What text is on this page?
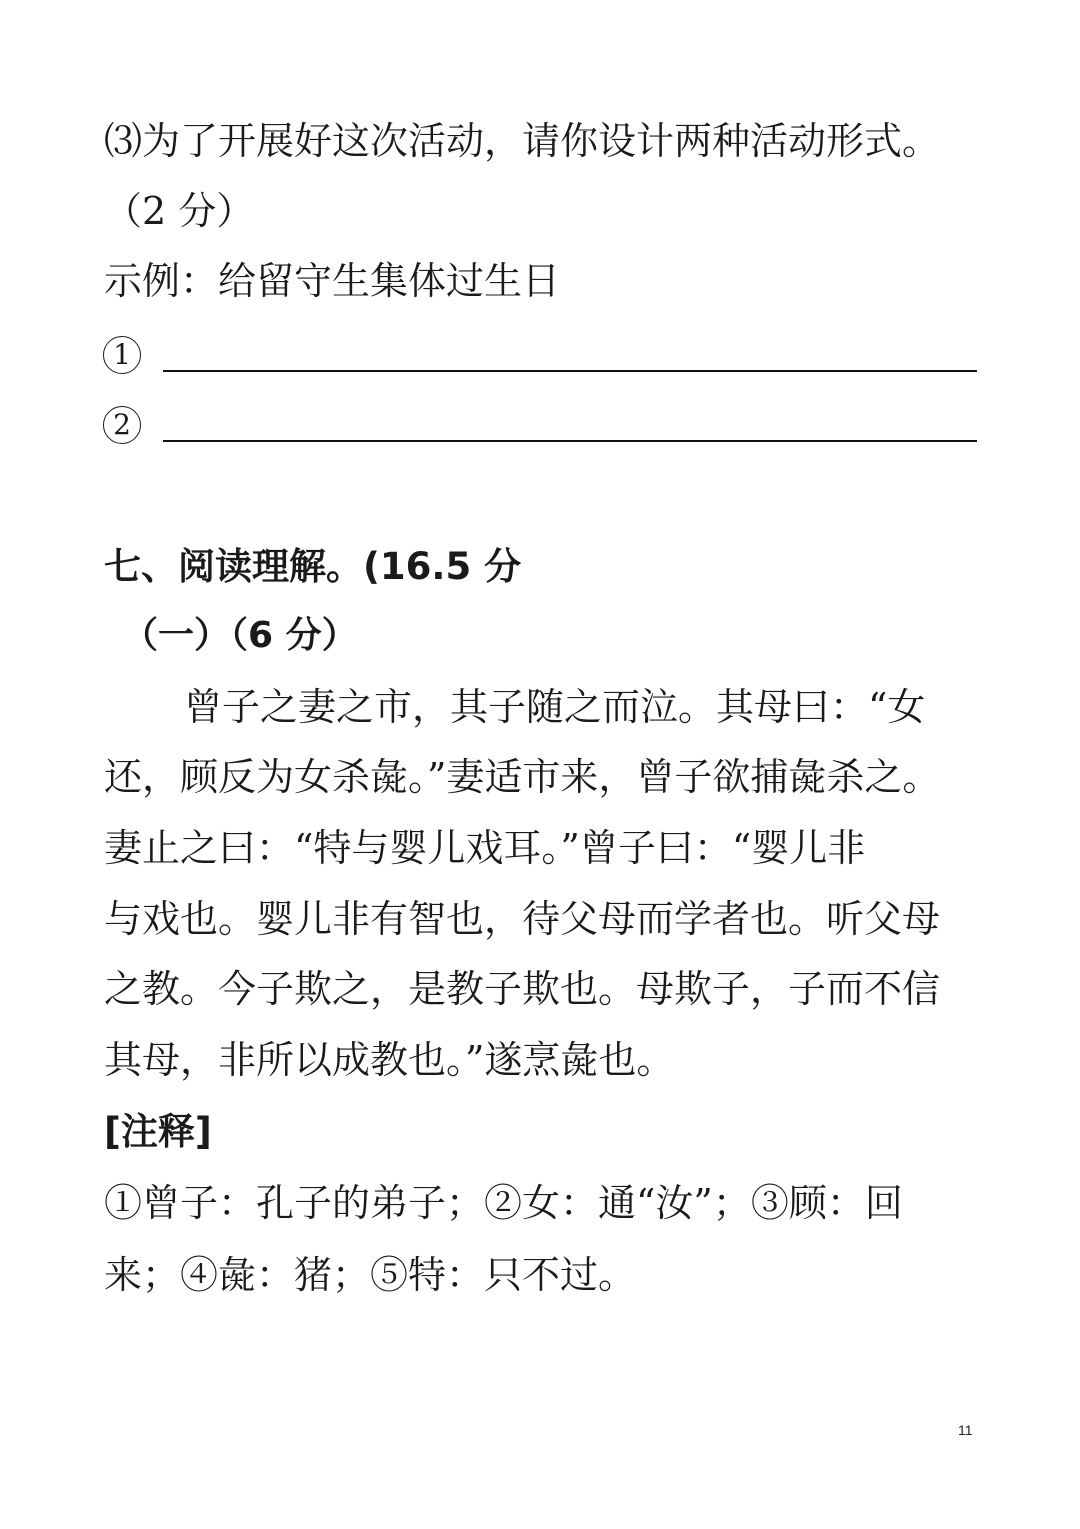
⑶为了开展好这次活动，请你设计两种活动形式。
（2 分）
示例：给留守生集体过生日
1
2
七、阅读理解。(16.5 分
（一）（6 分）
曾子之妻之市，其子随之而泣。其母曰：“女
还，顾反为女杀彘。”妻适市来，曾子欲捕彘杀之。
妻止之曰：“特与婴儿戏耳。”曾子曰：“婴儿非
与戏也。婴儿非有智也，待父母而学者也。听父母
之教。今子欺之，是教子欺也。母欺子，子而不信
其母，非所以成教也。”遂烹彘也。
[注释]
①曾子：孔子的弟子；②女：通“汝”；③顾：回
来；④彘：猪；⑤特：只不过。
11
